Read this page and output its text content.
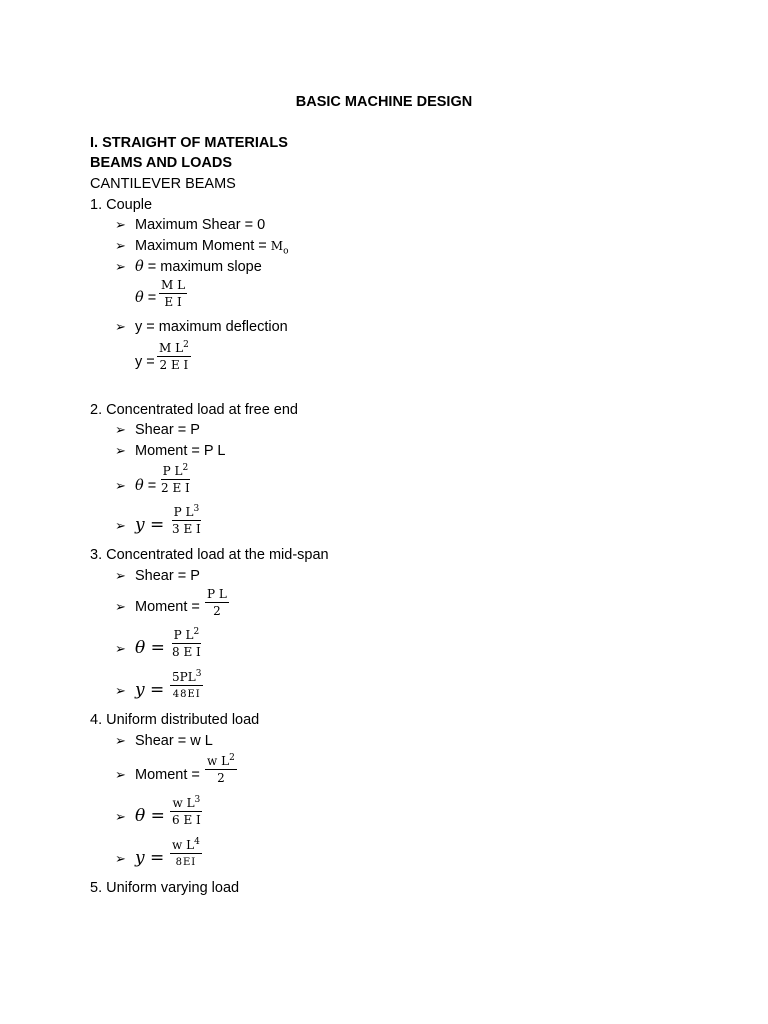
BASIC MACHINE DESIGN
I. STRAIGHT OF MATERIALS
BEAMS AND LOADS
CANTILEVER BEAMS
1. Couple
➢ Maximum Shear = 0
➢ Maximum Moment = $M_o$
➢ θ = maximum slope
$\theta = \frac{\text{M L}}{\text{E I}}$
➢ y = maximum deflection
$y = \frac{M L^2}{\text{2 E I}}$
2. Concentrated load at free end
➢ Shear = P
➢ Moment = P L
➢ $\theta = \frac{P L^2}{\text{2 E I}}$
➢ $y = \frac{P L^3}{\text{3 E I}}$
3. Concentrated load at the mid-span
➢ Shear = P
➢ Moment = $\frac{\text{P L}}{2}$
➢ $\theta = \frac{P L^2}{\text{8 E I}}$
➢ y =
$5PL^3$
48EI
4. Uniform distributed load
➢ Shear = w L
➢ Moment = $\frac{w L^2}{2}$
➢ $\theta = \frac{w L^3}{\text{6 E I}}$
➢ y =
w $L^4$
8EI
5. Uniform varying load
